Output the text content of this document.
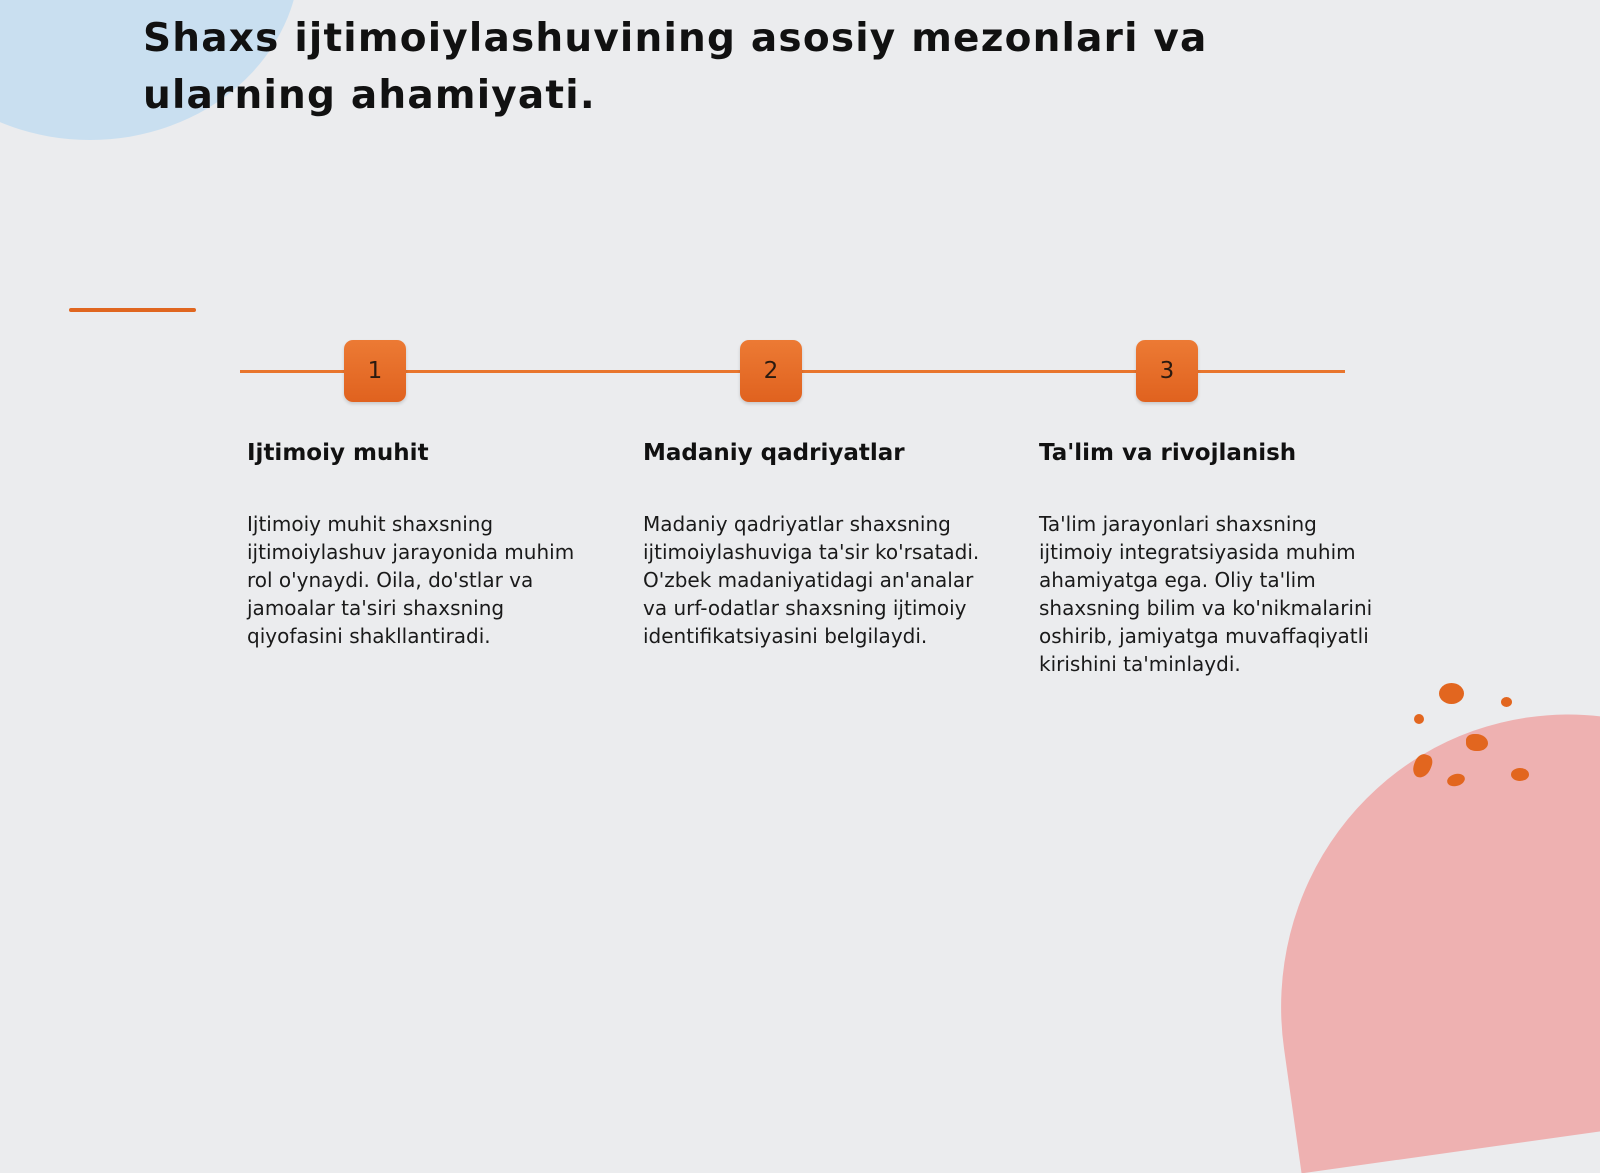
Shaxs ijtimoiylashuvining asosiy mezonlari va ularning ahamiyati.
1	2	3
Ijtimoiy muhit	Madaniy qadriyatlar	Ta'lim va rivojlanish

Ijtimoiy muhit shaxsning ijtimoiylashuv jarayonida muhim rol o'ynaydi. Oila, do'stlar va jamoalar ta'siri shaxsning qiyofasini shakllantiradi.

Madaniy qadriyatlar shaxsning ijtimoiylashuviga ta'sir ko'rsatadi. O'zbek madaniyatidagi an'analar va urf-odatlar shaxsning ijtimoiy identifikatsiyasini belgilaydi.

Ta'lim jarayonlari shaxsning ijtimoiy integratsiyasida muhim ahamiyatga ega. Oliy ta'lim shaxsning bilim va ko'nikmalarini oshirib, jamiyatga muvaffaqiyatli kirishini ta'minlaydi.
